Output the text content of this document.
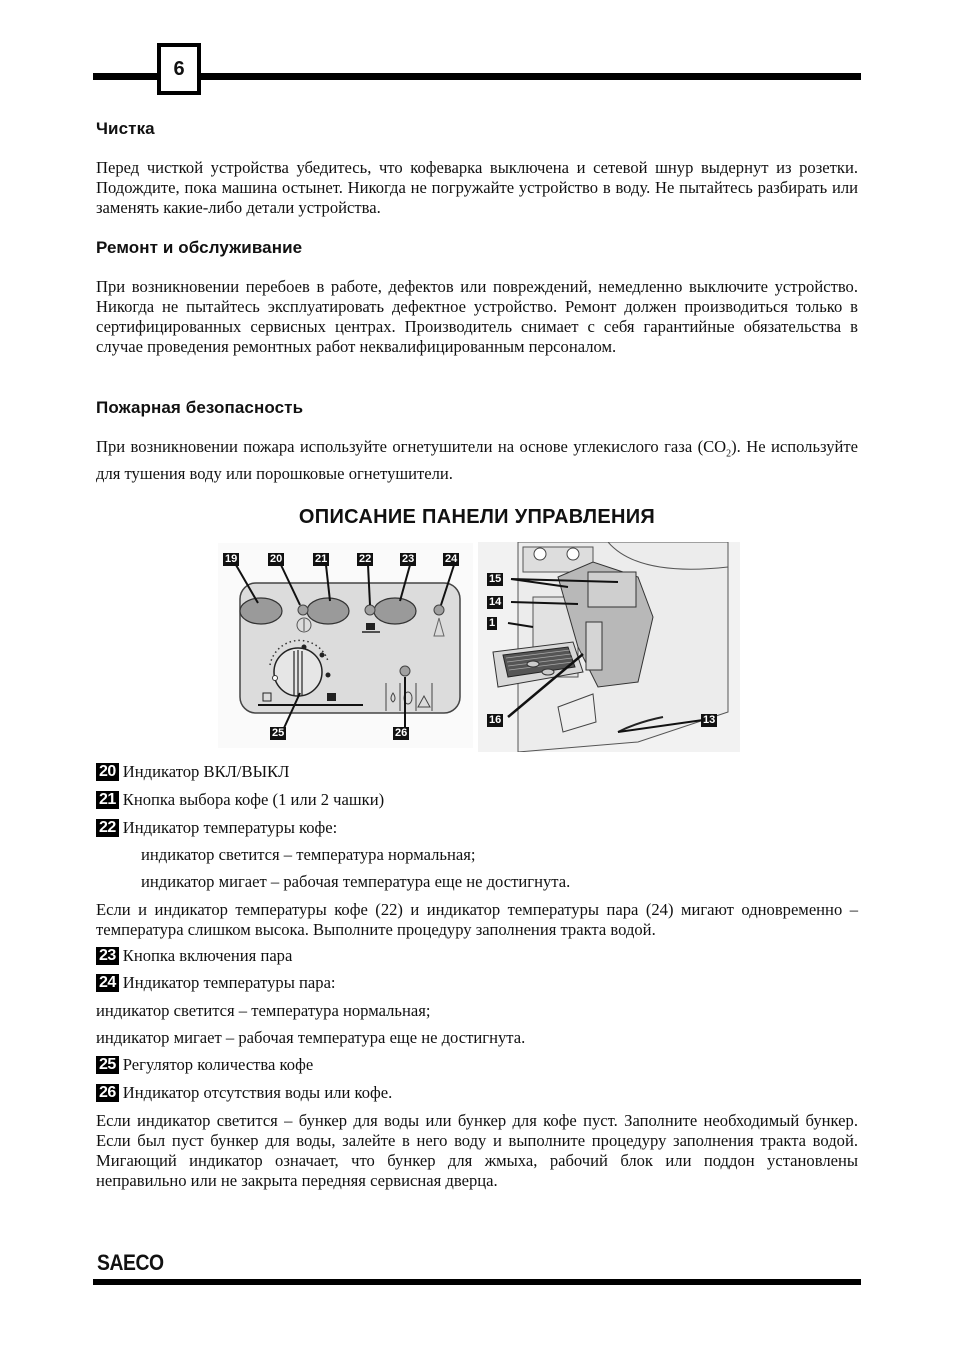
6
Чистка

Перед чисткой устройства убедитесь, что кофеварка выключена и сетевой шнур выдернут из розетки. Подождите, пока машина остынет. Никогда не погружайте устройство в воду. Не пытайтесь разбирать или заменять какие-либо детали устройства.

Ремонт и обслуживание

При возникновении перебоев в работе, дефектов или повреждений, немедленно выключите устройство. Никогда не пытайтесь эксплуатировать дефектное устройство. Ремонт должен производиться только в сертифицированных сервисных центрах. Производитель снимает с себя гарантийные обязательства в случае проведения ремонтных работ неквалифицированным персоналом.

Пожарная безопасность

При возникновении пожара используйте огнетушители на основе углекислого газа $(CO_2)$. Не используйте для тушения воду или порошковые огнетушители.

ОПИСАНИЕ ПАНЕЛИ УПРАВЛЕНИЯ
19	20	21	22	23	24
25	26
15
14
1
16	13
20 Индикатор ВКЛ/ВЫКЛ
21 Кнопка выбора кофе (1 или 2 чашки)
22 Индикатор температуры кофе:
индикатор светится – температура нормальная;
индикатор мигает – рабочая температура еще не достигнута.

Если и индикатор температуры кофе (22) и индикатор температуры пара (24) мигают одновременно – температура слишком высока. Выполните процедуру заполнения тракта водой.

23 Кнопка включения пара
24 Индикатор температуры пара:
индикатор светится – температура нормальная;
индикатор мигает – рабочая температура еще не достигнута.
25 Регулятор количества кофе
26 Индикатор отсутствия воды или кофе.

Если индикатор светится – бункер для воды или бункер для кофе пуст. Заполните необходимый бункер. Если был пуст бункер для воды, залейте в него воду и выполните процедуру заполнения тракта водой. Мигающий индикатор означает, что бункер для жмыха, рабочий блок или поддон установлены неправильно или не закрыта передняя сервисная дверца.

SAECO
